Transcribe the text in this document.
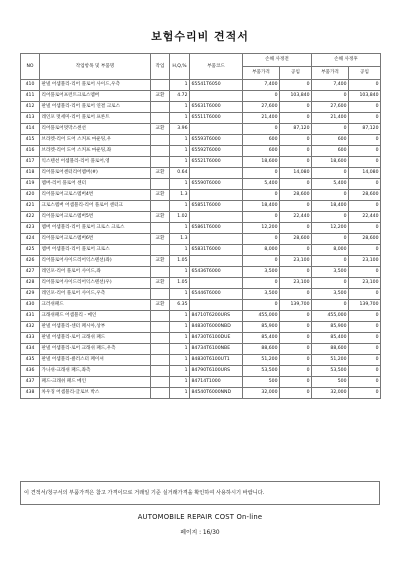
보험수리비 견적서
NO	작업항목 및 부품명	작업	H,Q,%	부품코드	손해 사정전		손해 사정후	
					부품가격	공임	부품가격	공임
410	판넬 어셈블리-리어 플로어 사이드,우측		1	65541T6050	7,400	0	7,400	0
411	리어플로어프런트크로스멤버	교환	4.72		0	103,840	0	103,840
412	판넬 어셈블리-리어 플로어 연결 크로스		1	65631T6000	27,600	0	27,600	0
413	레인포 멋세미-리어 플로어 프론트		1	65511T6000	21,400	0	21,400	0
414	리어플로어멋막스센션	교환	3.96		0	87,120	0	87,120
415	브라켓-리어 도어 스커프 마운팅,우		1	65593T6000	600	0	600	0
416	브라켓-리어 도어 스커프 마운팅,좌		1	65592T6000	600	0	600	0
417	익스텐션 어셈블리-리어 플로어,영		1	65521T6000	18,600	0	18,600	0
418	리어플로어센터리어멤버(#)	교환	0.64		0	14,080	0	14,080
419	멤버-리어 플로어 센터		1	65590T6000	5,400	0	5,400	0
420	리어플로어크로스멤버4번	교환	1.3		0	28,600	0	28,600
421	크로스멤버 어셈블리-리어 플로어 센터크		1	65851T6000	18,400	0	18,400	0
422	리어플로어크로스멤버5번	교환	1.02		0	22,440	0	22,440
423	멤버 어셈블리-리어 플로어 크로스 크로스		1	65861T6000	12,200	0	12,200	0
424	리어플로어크로스멤버6번	교환	1.3		0	28,600	0	28,600
425	멤버 어셈블리-리어 플로어 크로스		1	65831T6000	8,000	0	8,000	0
426	리어플로어사이드리어익스텐션(좌)	교환	1.05		0	23,100	0	23,100
427	레인포-리어 플로어 사이드,좌		1	65436T6000	3,500	0	3,500	0
428	리어플로어사이드리어익스텐션(우)	교환	1.05		0	23,100	0	23,100
429	레인포-리어 플로어 사이드,우측		1	65446T6000	3,500	0	3,500	0
430	크러쉬패드	교환	6.35		0	139,700	0	139,700
431	크래쉬패드 어셈블리 - 메인		1	84710T6200URS	455,000	0	455,000	0
432	판넬 어셈블리-센터 페시아,상부		1	84830T6000NBD	85,900	0	85,900	0
433	판넬 어셈블리-로어 크래쉬 패드		1	84730T6100DUE	85,400	0	85,400	0
434	판넬 어셈블리-로어 크래쉬 패드,우측		1	84734T6100NBE	88,600	0	88,600	0
435	판넬 어셈블리-클러스터 페이셔		1	84830T6100UT1	51,200	0	51,200	0
436	가니쉬-크래쉬 패드,좌측		1	84790T6100URS	53,500	0	53,500	0
437	패드-크래쉬 패드 메인		1	84714T1000	500	0	500	0
438	차우징 어셈블리-글로브 박스		1	84540T6000NND	32,000	0	32,000	0
이 견적서/청구서의 부품가격은 참고 가격이므로 거래일 기준 실거래가격을 확인하여 사용하시기 바랍니다.
AUTOMOBILE REPAIR COST On-line
페이지 : 16/30
